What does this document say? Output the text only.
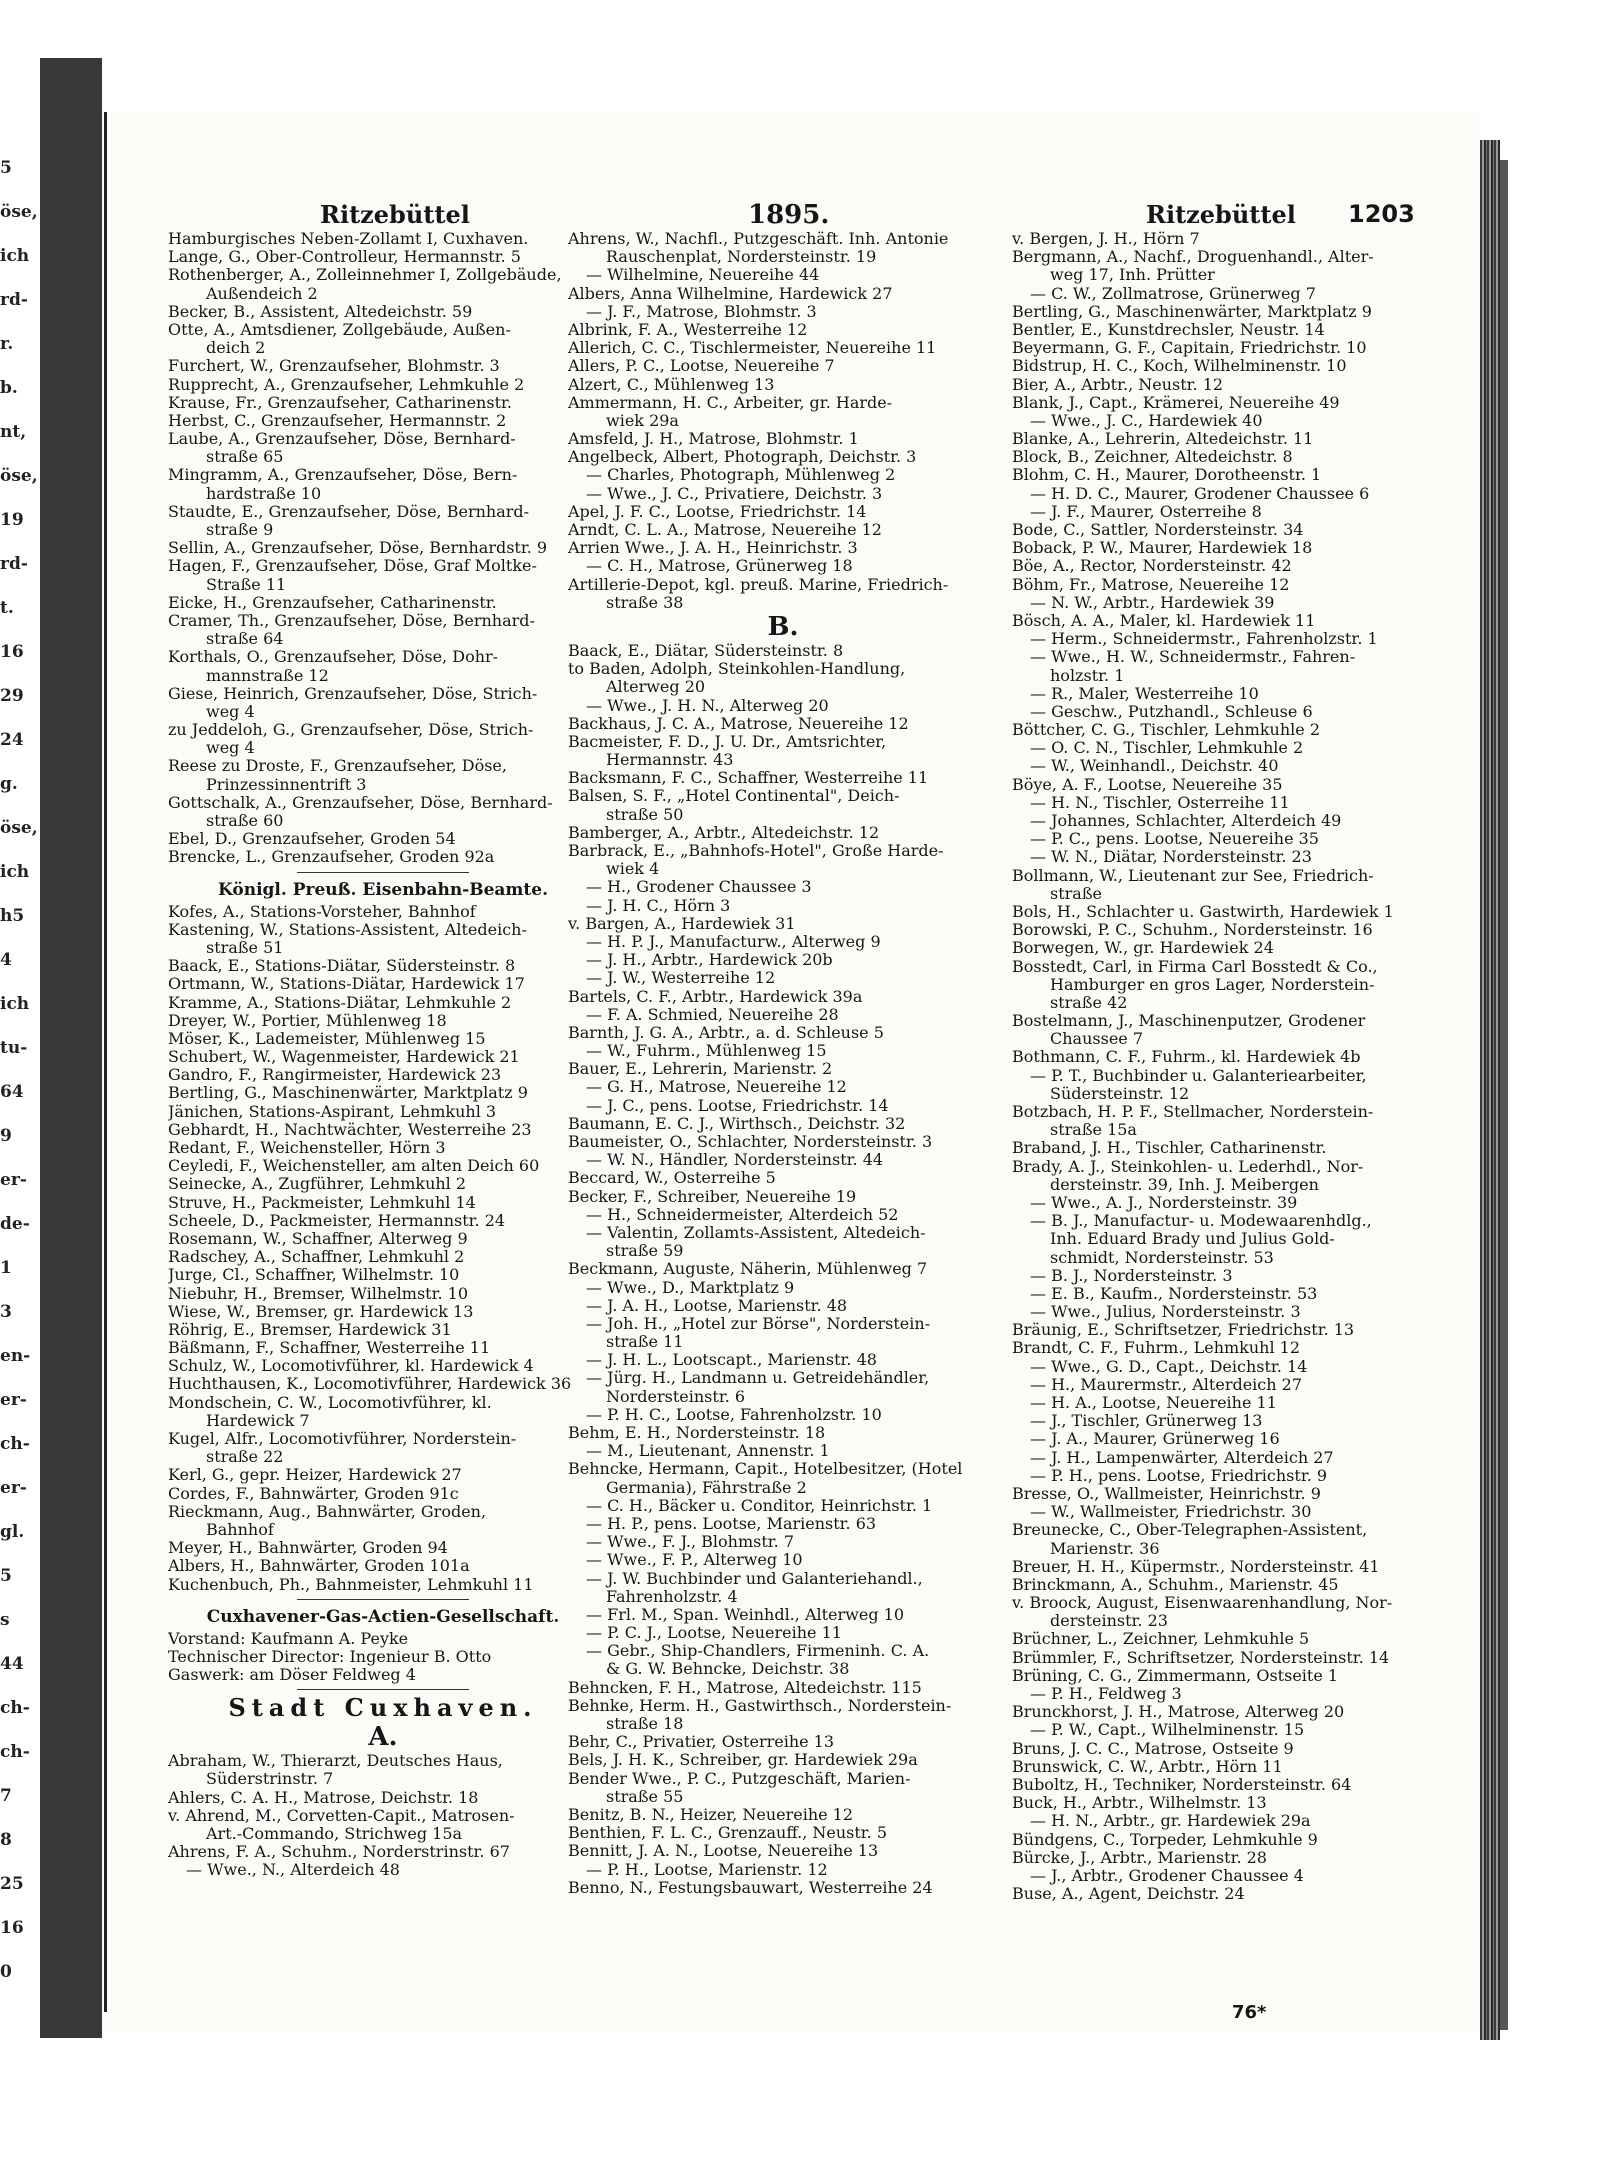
5
öse,
ich
rd-
r.
b.
nt,
öse,
19
rd-
t.
16
29
24
g.
öse,
ich
h5
4
ich
tu-
64
9
er-
de-
1
3
en-
er-
ch-
er-
gl.
5
s
44
ch-
ch-
7
8
25
16
0
Ritzebüttel	1895.	Ritzebüttel 1203
Hamburgisches Neben-Zollamt I, Cuxhaven.
Lange, G., Ober-Controlleur, Hermannstr. 5
Rothenberger, A., Zolleinnehmer I, Zollgebäude,
Außendeich 2
Becker, B., Assistent, Altedeichstr. 59
Otte, A., Amtsdiener, Zollgebäude, Außen-
deich 2
Furchert, W., Grenzaufseher, Blohmstr. 3
Rupprecht, A., Grenzaufseher, Lehmkuhle 2
Krause, Fr., Grenzaufseher, Catharinenstr.
Herbst, C., Grenzaufseher, Hermannstr. 2
Laube, A., Grenzaufseher, Döse, Bernhard-
straße 65
Mingramm, A., Grenzaufseher, Döse, Bern-
hardstraße 10
Staudte, E., Grenzaufseher, Döse, Bernhard-
straße 9
Sellin, A., Grenzaufseher, Döse, Bernhardstr. 9
Hagen, F., Grenzaufseher, Döse, Graf Moltke-
Straße 11
Eicke, H., Grenzaufseher, Catharinenstr.
Cramer, Th., Grenzaufseher, Döse, Bernhard-
straße 64
Korthals, O., Grenzaufseher, Döse, Dohr-
mannstraße 12
Giese, Heinrich, Grenzaufseher, Döse, Strich-
weg 4
zu Jeddeloh, G., Grenzaufseher, Döse, Strich-
weg 4
Reese zu Droste, F., Grenzaufseher, Döse,
Prinzessinnentrift 3
Gottschalk, A., Grenzaufseher, Döse, Bernhard-
straße 60
Ebel, D., Grenzaufseher, Groden 54
Brencke, L., Grenzaufseher, Groden 92a
Königl. Preuß. Eisenbahn-Beamte.
Kofes, A., Stations-Vorsteher, Bahnhof
Kastening, W., Stations-Assistent, Altedeich-
straße 51
Baack, E., Stations-Diätar, Südersteinstr. 8
Ortmann, W., Stations-Diätar, Hardewick 17
Kramme, A., Stations-Diätar, Lehmkuhle 2
Dreyer, W., Portier, Mühlenweg 18
Möser, K., Lademeister, Mühlenweg 15
Schubert, W., Wagenmeister, Hardewick 21
Gandro, F., Rangirmeister, Hardewick 23
Bertling, G., Maschinenwärter, Marktplatz 9
Jänichen, Stations-Aspirant, Lehmkuhl 3
Gebhardt, H., Nachtwächter, Westerreihe 23
Redant, F., Weichensteller, Hörn 3
Ceyledi, F., Weichensteller, am alten Deich 60
Seinecke, A., Zugführer, Lehmkuhl 2
Struve, H., Packmeister, Lehmkuhl 14
Scheele, D., Packmeister, Hermannstr. 24
Rosemann, W., Schaffner, Alterweg 9
Radschey, A., Schaffner, Lehmkuhl 2
Jurge, Cl., Schaffner, Wilhelmstr. 10
Niebuhr, H., Bremser, Wilhelmstr. 10
Wiese, W., Bremser, gr. Hardewick 13
Röhrig, E., Bremser, Hardewick 31
Bäßmann, F., Schaffner, Westerreihe 11
Schulz, W., Locomotivführer, kl. Hardewick 4
Huchthausen, K., Locomotivführer, Hardewick 36
Mondschein, C. W., Locomotivführer, kl.
Hardewick 7
Kugel, Alfr., Locomotivführer, Norderstein-
straße 22
Kerl, G., gepr. Heizer, Hardewick 27
Cordes, F., Bahnwärter, Groden 91c
Rieckmann, Aug., Bahnwärter, Groden,
Bahnhof
Meyer, H., Bahnwärter, Groden 94
Albers, H., Bahnwärter, Groden 101a
Kuchenbuch, Ph., Bahnmeister, Lehmkuhl 11
Cuxhavener-Gas-Actien-Gesellschaft.
Vorstand: Kaufmann A. Peyke
Technischer Director: Ingenieur B. Otto
Gaswerk: am Döser Feldweg 4
Stadt Cuxhaven.
A.
Abraham, W., Thierarzt, Deutsches Haus,
Süderstrinstr. 7
Ahlers, C. A. H., Matrose, Deichstr. 18
v. Ahrend, M., Corvetten-Capit., Matrosen-
Art.-Commando, Strichweg 15a
Ahrens, F. A., Schuhm., Norderstrinstr. 67
— Wwe., N., Alterdeich 48
Ahrens, W., Nachfl., Putzgeschäft. Inh. Antonie
Rauschenplat, Nordersteinstr. 19
— Wilhelmine, Neuereihe 44
Albers, Anna Wilhelmine, Hardewick 27
— J. F., Matrose, Blohmstr. 3
Albrink, F. A., Westerreihe 12
Allerich, C. C., Tischlermeister, Neuereihe 11
Allers, P. C., Lootse, Neuereihe 7
Alzert, C., Mühlenweg 13
Ammermann, H. C., Arbeiter, gr. Harde-
wiek 29a
Amsfeld, J. H., Matrose, Blohmstr. 1
Angelbeck, Albert, Photograph, Deichstr. 3
— Charles, Photograph, Mühlenweg 2
— Wwe., J. C., Privatiere, Deichstr. 3
Apel, J. F. C., Lootse, Friedrichstr. 14
Arndt, C. L. A., Matrose, Neuereihe 12
Arrien Wwe., J. A. H., Heinrichstr. 3
— C. H., Matrose, Grünerweg 18
Artillerie-Depot, kgl. preuß. Marine, Friedrich-
straße 38
B.
Baack, E., Diätar, Südersteinstr. 8
to Baden, Adolph, Steinkohlen-Handlung,
Alterweg 20
— Wwe., J. H. N., Alterweg 20
Backhaus, J. C. A., Matrose, Neuereihe 12
Bacmeister, F. D., J. U. Dr., Amtsrichter,
Hermannstr. 43
Backsmann, F. C., Schaffner, Westerreihe 11
Balsen, S. F., „Hotel Continental", Deich-
straße 50
Bamberger, A., Arbtr., Altedeichstr. 12
Barbrack, E., „Bahnhofs-Hotel", Große Harde-
wiek 4
— H., Grodener Chaussee 3
— J. H. C., Hörn 3
v. Bargen, A., Hardewiek 31
— H. P. J., Manufacturw., Alterweg 9
— J. H., Arbtr., Hardewick 20b
— J. W., Westerreihe 12
Bartels, C. F., Arbtr., Hardewick 39a
— F. A. Schmied, Neuereihe 28
Barnth, J. G. A., Arbtr., a. d. Schleuse 5
— W., Fuhrm., Mühlenweg 15
Bauer, E., Lehrerin, Marienstr. 2
— G. H., Matrose, Neuereihe 12
— J. C., pens. Lootse, Friedrichstr. 14
Baumann, E. C. J., Wirthsch., Deichstr. 32
Baumeister, O., Schlachter, Nordersteinstr. 3
— W. N., Händler, Nordersteinstr. 44
Beccard, W., Osterreihe 5
Becker, F., Schreiber, Neuereihe 19
— H., Schneidermeister, Alterdeich 52
— Valentin, Zollamts-Assistent, Altedeich-
straße 59
Beckmann, Auguste, Näherin, Mühlenweg 7
— Wwe., D., Marktplatz 9
— J. A. H., Lootse, Marienstr. 48
— Joh. H., „Hotel zur Börse", Norderstein-
straße 11
— J. H. L., Lootscapt., Marienstr. 48
— Jürg. H., Landmann u. Getreidehändler,
Nordersteinstr. 6
— P. H. C., Lootse, Fahrenholzstr. 10
Behm, E. H., Nordersteinstr. 18
— M., Lieutenant, Annenstr. 1
Behncke, Hermann, Capit., Hotelbesitzer, (Hotel
Germania), Fährstraße 2
— C. H., Bäcker u. Conditor, Heinrichstr. 1
— H. P., pens. Lootse, Marienstr. 63
— Wwe., F. J., Blohmstr. 7
— Wwe., F. P., Alterweg 10
— J. W. Buchbinder und Galanteriehandl.,
Fahrenholzstr. 4
— Frl. M., Span. Weinhdl., Alterweg 10
— P. C. J., Lootse, Neuereihe 11
— Gebr., Ship-Chandlers, Firmeninh. C. A.
& G. W. Behncke, Deichstr. 38
Behncken, F. H., Matrose, Altedeichstr. 115
Behnke, Herm. H., Gastwirthsch., Norderstein-
straße 18
Behr, C., Privatier, Osterreihe 13
Bels, J. H. K., Schreiber, gr. Hardewiek 29a
Bender Wwe., P. C., Putzgeschäft, Marien-
straße 55
Benitz, B. N., Heizer, Neuereihe 12
Benthien, F. L. C., Grenzauff., Neustr. 5
Bennitt, J. A. N., Lootse, Neuereihe 13
— P. H., Lootse, Marienstr. 12
Benno, N., Festungsbauwart, Westerreihe 24
v. Bergen, J. H., Hörn 7
Bergmann, A., Nachf., Droguenhandl., Alter-
weg 17, Inh. Prütter
— C. W., Zollmatrose, Grünerweg 7
Bertling, G., Maschinenwärter, Marktplatz 9
Bentler, E., Kunstdrechsler, Neustr. 14
Beyermann, G. F., Capitain, Friedrichstr. 10
Bidstrup, H. C., Koch, Wilhelminenstr. 10
Bier, A., Arbtr., Neustr. 12
Blank, J., Capt., Krämerei, Neuereihe 49
— Wwe., J. C., Hardewiek 40
Blanke, A., Lehrerin, Altedeichstr. 11
Block, B., Zeichner, Altedeichstr. 8
Blohm, C. H., Maurer, Dorotheenstr. 1
— H. D. C., Maurer, Grodener Chaussee 6
— J. F., Maurer, Osterreihe 8
Bode, C., Sattler, Nordersteinstr. 34
Boback, P. W., Maurer, Hardewiek 18
Böe, A., Rector, Nordersteinstr. 42
Böhm, Fr., Matrose, Neuereihe 12
— N. W., Arbtr., Hardewiek 39
Bösch, A. A., Maler, kl. Hardewiek 11
— Herm., Schneidermstr., Fahrenholzstr. 1
— Wwe., H. W., Schneidermstr., Fahren-
holzstr. 1
— R., Maler, Westerreihe 10
— Geschw., Putzhandl., Schleuse 6
Böttcher, C. G., Tischler, Lehmkuhle 2
— O. C. N., Tischler, Lehmkuhle 2
— W., Weinhandl., Deichstr. 40
Böye, A. F., Lootse, Neuereihe 35
— H. N., Tischler, Osterreihe 11
— Johannes, Schlachter, Alterdeich 49
— P. C., pens. Lootse, Neuereihe 35
— W. N., Diätar, Nordersteinstr. 23
Bollmann, W., Lieutenant zur See, Friedrich-
straße
Bols, H., Schlachter u. Gastwirth, Hardewiek 1
Borowski, P. C., Schuhm., Nordersteinstr. 16
Borwegen, W., gr. Hardewiek 24
Bosstedt, Carl, in Firma Carl Bosstedt & Co.,
Hamburger en gros Lager, Norderstein-
straße 42
Bostelmann, J., Maschinenputzer, Grodener
Chaussee 7
Bothmann, C. F., Fuhrm., kl. Hardewiek 4b
— P. T., Buchbinder u. Galanteriearbeiter,
Südersteinstr. 12
Botzbach, H. P. F., Stellmacher, Norderstein-
straße 15a
Braband, J. H., Tischler, Catharinenstr.
Brady, A. J., Steinkohlen- u. Lederhdl., Nor-
dersteinstr. 39, Inh. J. Meibergen
— Wwe., A. J., Nordersteinstr. 39
— B. J., Manufactur- u. Modewaarenhdlg.,
Inh. Eduard Brady und Julius Gold-
schmidt, Nordersteinstr. 53
— B. J., Nordersteinstr. 3
— E. B., Kaufm., Nordersteinstr. 53
— Wwe., Julius, Nordersteinstr. 3
Bräunig, E., Schriftsetzer, Friedrichstr. 13
Brandt, C. F., Fuhrm., Lehmkuhl 12
— Wwe., G. D., Capt., Deichstr. 14
— H., Maurermstr., Alterdeich 27
— H. A., Lootse, Neuereihe 11
— J., Tischler, Grünerweg 13
— J. A., Maurer, Grünerweg 16
— J. H., Lampenwärter, Alterdeich 27
— P. H., pens. Lootse, Friedrichstr. 9
Bresse, O., Wallmeister, Heinrichstr. 9
— W., Wallmeister, Friedrichstr. 30
Breunecke, C., Ober-Telegraphen-Assistent,
Marienstr. 36
Breuer, H. H., Küpermstr., Nordersteinstr. 41
Brinckmann, A., Schuhm., Marienstr. 45
v. Broock, August, Eisenwaarenhandlung, Nor-
dersteinstr. 23
Brüchner, L., Zeichner, Lehmkuhle 5
Brümmler, F., Schriftsetzer, Nordersteinstr. 14
Brüning, C. G., Zimmermann, Ostseite 1
— P. H., Feldweg 3
Brunckhorst, J. H., Matrose, Alterweg 20
— P. W., Capt., Wilhelminenstr. 15
Bruns, J. C. C., Matrose, Ostseite 9
Brunswick, C. W., Arbtr., Hörn 11
Buboltz, H., Techniker, Nordersteinstr. 64
Buck, H., Arbtr., Wilhelmstr. 13
— H. N., Arbtr., gr. Hardewiek 29a
Bündgens, C., Torpeder, Lehmkuhle 9
Bürcke, J., Arbtr., Marienstr. 28
— J., Arbtr., Grodener Chaussee 4
Buse, A., Agent, Deichstr. 24
76*
